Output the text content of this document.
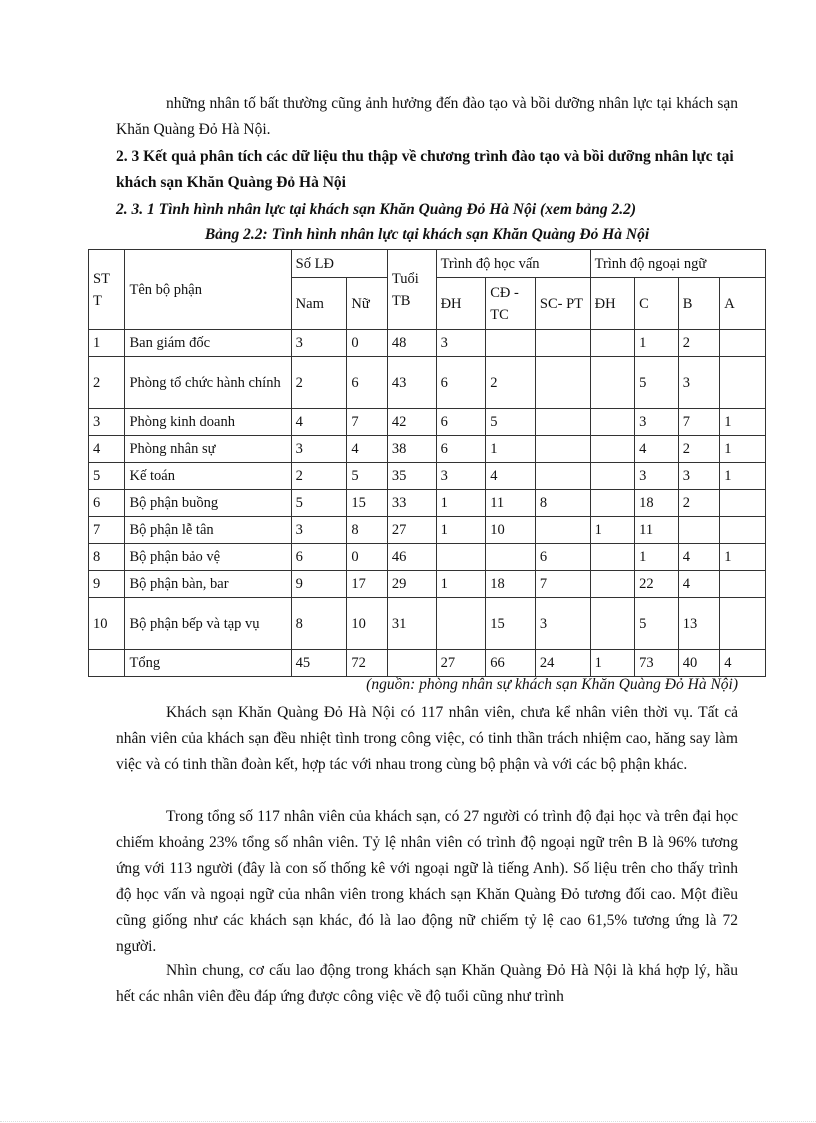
những nhân tố bất thường cũng ảnh hưởng đến đào tạo và bồi dưỡng nhân lực tại khách sạn Khăn Quàng Đỏ Hà Nội.

2. 3 Kết quả phân tích các dữ liệu thu thập về chương trình đào tạo và bồi dưỡng nhân lực tại khách sạn Khăn Quàng Đỏ Hà Nội

2. 3. 1 Tình hình nhân lực tại khách sạn Khăn Quàng Đỏ Hà Nội (xem bảng 2.2)

Bảng 2.2: Tình hình nhân lực tại khách sạn Khăn Quàng Đỏ Hà Nội

ST T	Tên bộ phận	Số LĐ		Tuổi TB	Trình độ học vấn			Trình độ ngoại ngữ			
		Nam	Nữ		ĐH	CĐ - TC	SC- PT	ĐH	C	B	A
1	Ban giám đốc	3	0	48	3				1	2	
2	Phòng tổ chức hành chính	2	6	43	6	2			5	3	
3	Phòng kinh doanh	4	7	42	6	5			3	7	1
4	Phòng nhân sự	3	4	38	6	1			4	2	1
5	Kế toán	2	5	35	3	4			3	3	1
6	Bộ phận buồng	5	15	33	1	11	8		18	2	
7	Bộ phận lễ tân	3	8	27	1	10		1	11		
8	Bộ phận bảo vệ	6	0	46			6		1	4	1
9	Bộ phận bàn, bar	9	17	29	1	18	7		22	4	
10	Bộ phận bếp và tạp vụ	8	10	31		15	3		5	13	
	Tổng	45	72		27	66	24	1	73	40	4

(nguồn: phòng nhân sự khách sạn Khăn Quàng Đỏ Hà Nội)

Khách sạn Khăn Quàng Đỏ Hà Nội có 117 nhân viên, chưa kể nhân viên thời vụ. Tất cả nhân viên của khách sạn đều nhiệt tình trong công việc, có tinh thần trách nhiệm cao, hăng say làm việc và có tinh thần đoàn kết, hợp tác với nhau trong cùng bộ phận và với các bộ phận khác.

Trong tổng số 117 nhân viên của khách sạn, có 27 người có trình độ đại học và trên đại học chiếm khoảng 23% tổng số nhân viên. Tỷ lệ nhân viên có trình độ ngoại ngữ trên B là 96% tương ứng với 113 người (đây là con số thống kê với ngoại ngữ là tiếng Anh). Số liệu trên cho thấy trình độ học vấn và ngoại ngữ của nhân viên trong khách sạn Khăn Quàng Đỏ tương đối cao. Một điều cũng giống như các khách sạn khác, đó là lao động nữ chiếm tỷ lệ cao 61,5% tương ứng là 72 người.

Nhìn chung, cơ cấu lao động trong khách sạn Khăn Quàng Đỏ Hà Nội là khá hợp lý, hầu hết các nhân viên đều đáp ứng được công việc về độ tuổi cũng như trình
